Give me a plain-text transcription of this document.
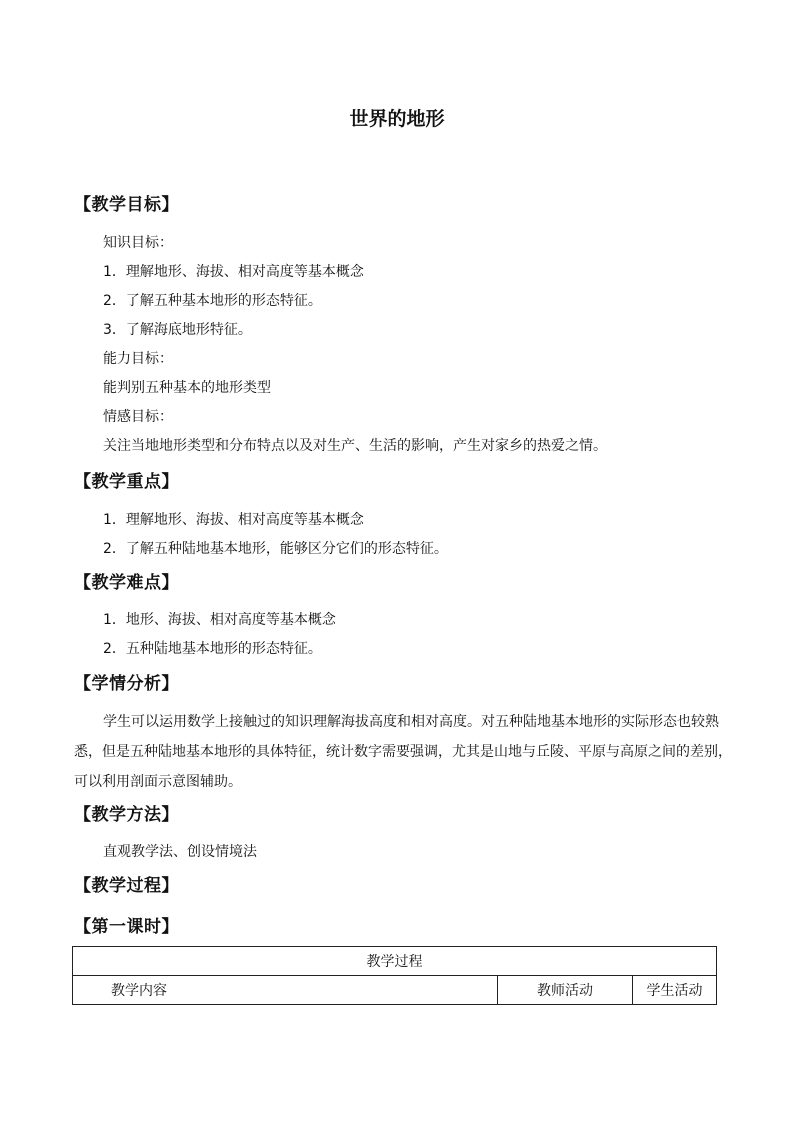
世界的地形
【教学目标】
知识目标：
1．理解地形、海拔、相对高度等基本概念
2．了解五种基本地形的形态特征。
3．了解海底地形特征。
能力目标：
能判别五种基本的地形类型
情感目标：
关注当地地形类型和分布特点以及对生产、生活的影响，产生对家乡的热爱之情。
【教学重点】
1．理解地形、海拔、相对高度等基本概念
2．了解五种陆地基本地形，能够区分它们的形态特征。
【教学难点】
1．地形、海拔、相对高度等基本概念
2．五种陆地基本地形的形态特征。
【学情分析】
学生可以运用数学上接触过的知识理解海拔高度和相对高度。对五种陆地基本地形的实际形态也较熟悉，但是五种陆地基本地形的具体特征，统计数字需要强调，尤其是山地与丘陵、平原与高原之间的差别，可以利用剖面示意图辅助。
【教学方法】
直观教学法、创设情境法
【教学过程】
【第一课时】
教学过程
教学内容	教师活动	学生活动
